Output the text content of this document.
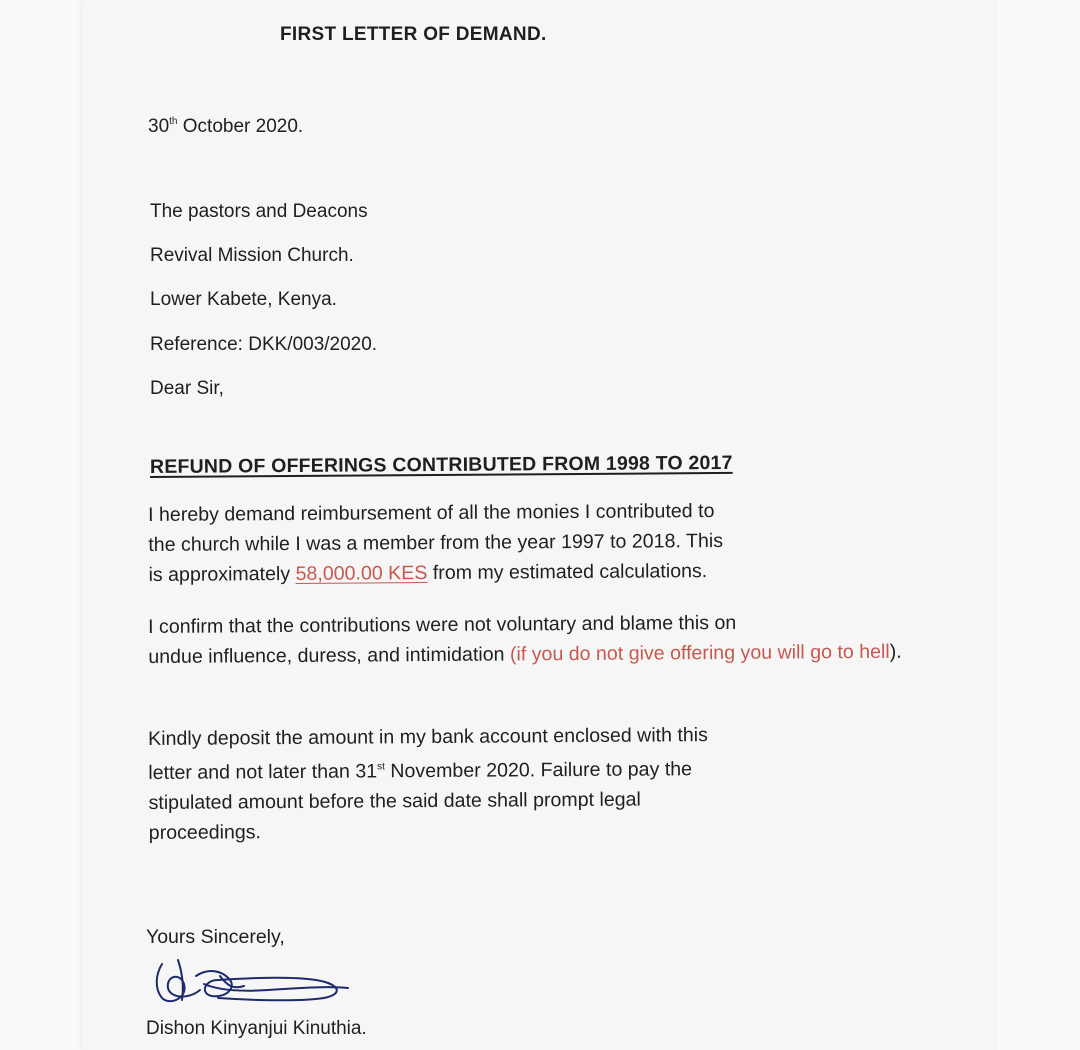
FIRST LETTER OF DEMAND.
30th October 2020.
The pastors and Deacons
Revival Mission Church.
Lower Kabete, Kenya.
Reference: DKK/003/2020.
Dear Sir,
REFUND OF OFFERINGS CONTRIBUTED FROM 1998 TO 2017

I hereby demand reimbursement of all the monies I contributed to
the church while I was a member from the year 1997 to 2018. This
is approximately 58,000.00 KES from my estimated calculations.

I confirm that the contributions were not voluntary and blame this on
undue influence, duress, and intimidation (if you do not give offering you will go to hell).

Kindly deposit the amount in my bank account enclosed with this
letter and not later than 31st November 2020. Failure to pay the
stipulated amount before the said date shall prompt legal
proceedings.

Yours Sincerely,
Dishon Kinyanjui Kinuthia.
